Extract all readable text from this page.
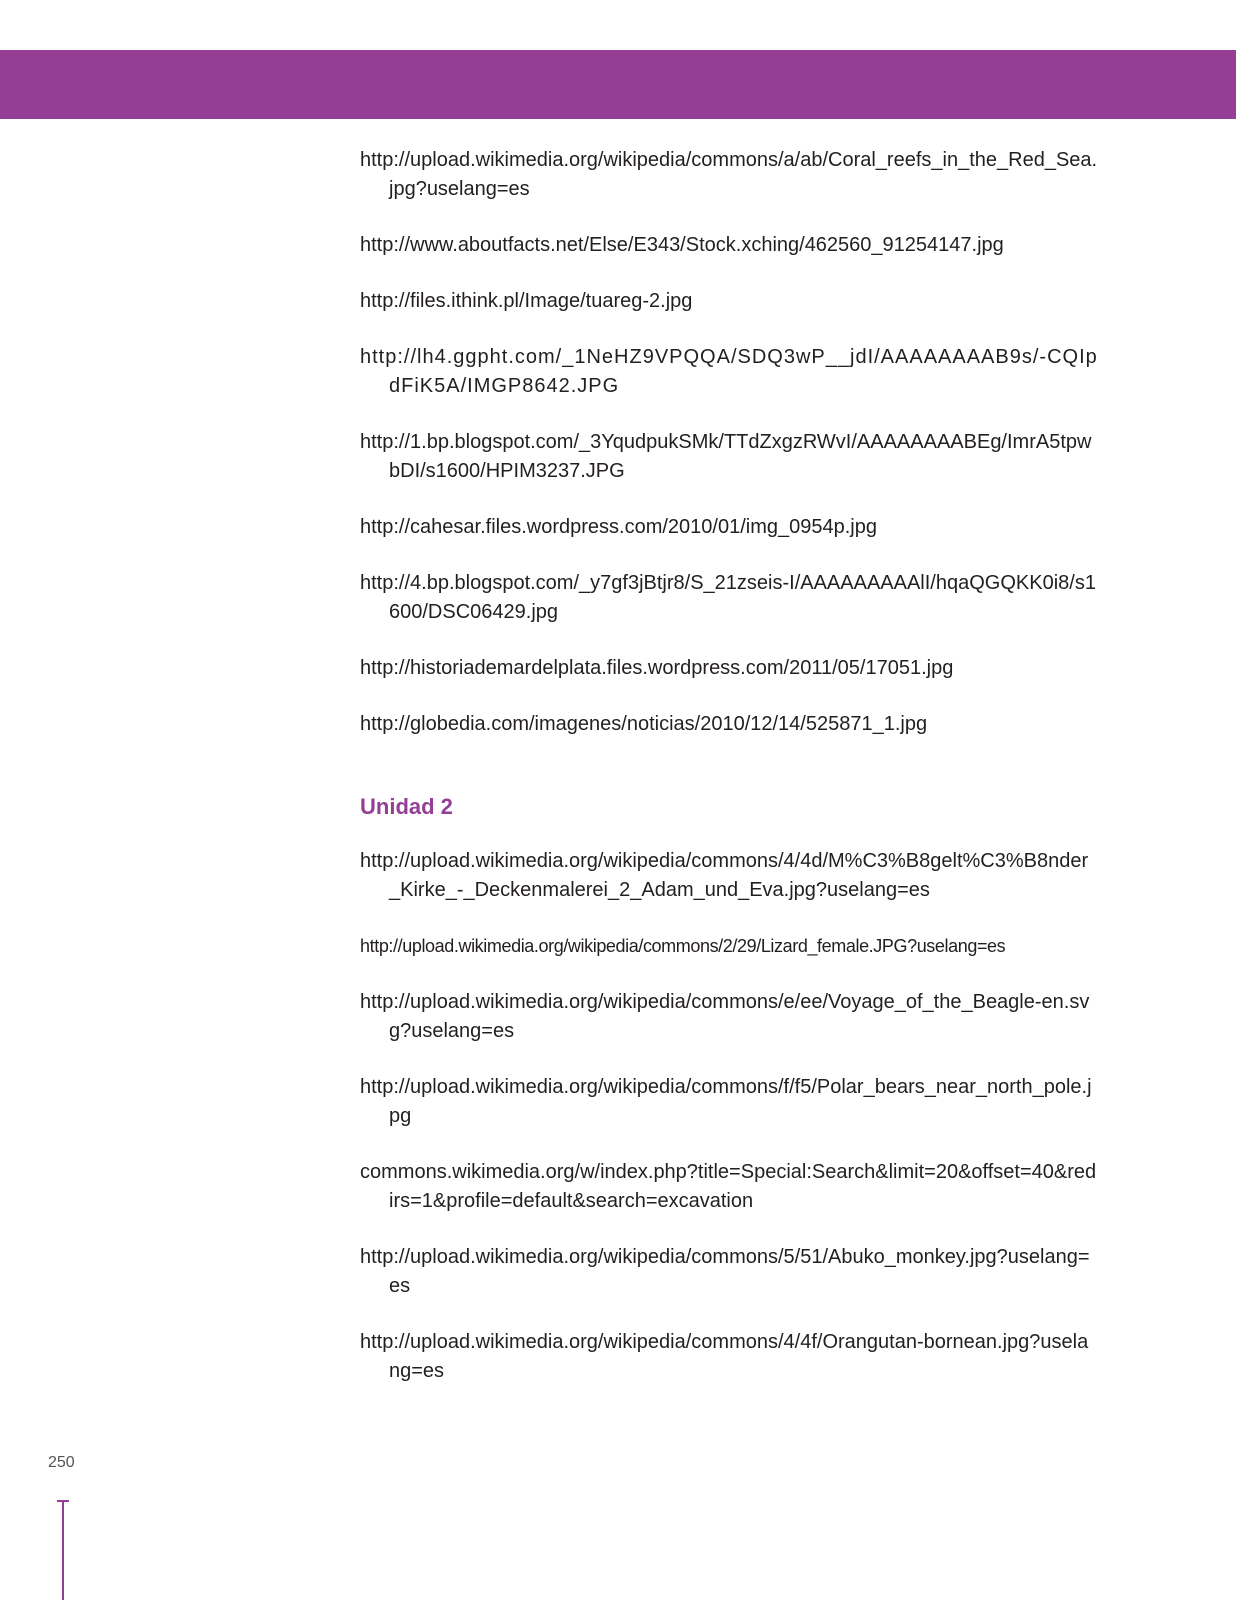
http://upload.wikimedia.org/wikipedia/commons/a/ab/Coral_reefs_in_the_Red_Sea.jpg?uselang=es

http://www.aboutfacts.net/Else/E343/Stock.xching/462560_91254147.jpg

http://files.ithink.pl/Image/tuareg-2.jpg

http://lh4.ggpht.com/_1NeHZ9VPQQA/SDQ3wP__jdI/AAAAAAAAB9s/-CQIpdFiK5A/IMGP8642.JPG

http://1.bp.blogspot.com/_3YqudpukSMk/TTdZxgzRWvI/AAAAAAAABEg/ImrA5tpwbDI/s1600/HPIM3237.JPG

http://cahesar.files.wordpress.com/2010/01/img_0954p.jpg

http://4.bp.blogspot.com/_y7gf3jBtjr8/S_21zseis-I/AAAAAAAAAlI/hqaQGQKK0i8/s1600/DSC06429.jpg

http://historiademardelplata.files.wordpress.com/2011/05/17051.jpg

http://globedia.com/imagenes/noticias/2010/12/14/525871_1.jpg

Unidad 2

http://upload.wikimedia.org/wikipedia/commons/4/4d/M%C3%B8gelt%C3%B8nder_Kirke_-_Deckenmalerei_2_Adam_und_Eva.jpg?uselang=es

http://upload.wikimedia.org/wikipedia/commons/2/29/Lizard_female.JPG?uselang=es

http://upload.wikimedia.org/wikipedia/commons/e/ee/Voyage_of_the_Beagle-en.svg?uselang=es

http://upload.wikimedia.org/wikipedia/commons/f/f5/Polar_bears_near_north_pole.jpg

commons.wikimedia.org/w/index.php?title=Special:Search&limit=20&offset=40&redirs=1&profile=default&search=excavation

http://upload.wikimedia.org/wikipedia/commons/5/51/Abuko_monkey.jpg?uselang=es

http://upload.wikimedia.org/wikipedia/commons/4/4f/Orangutan-bornean.jpg?uselang=es

250
